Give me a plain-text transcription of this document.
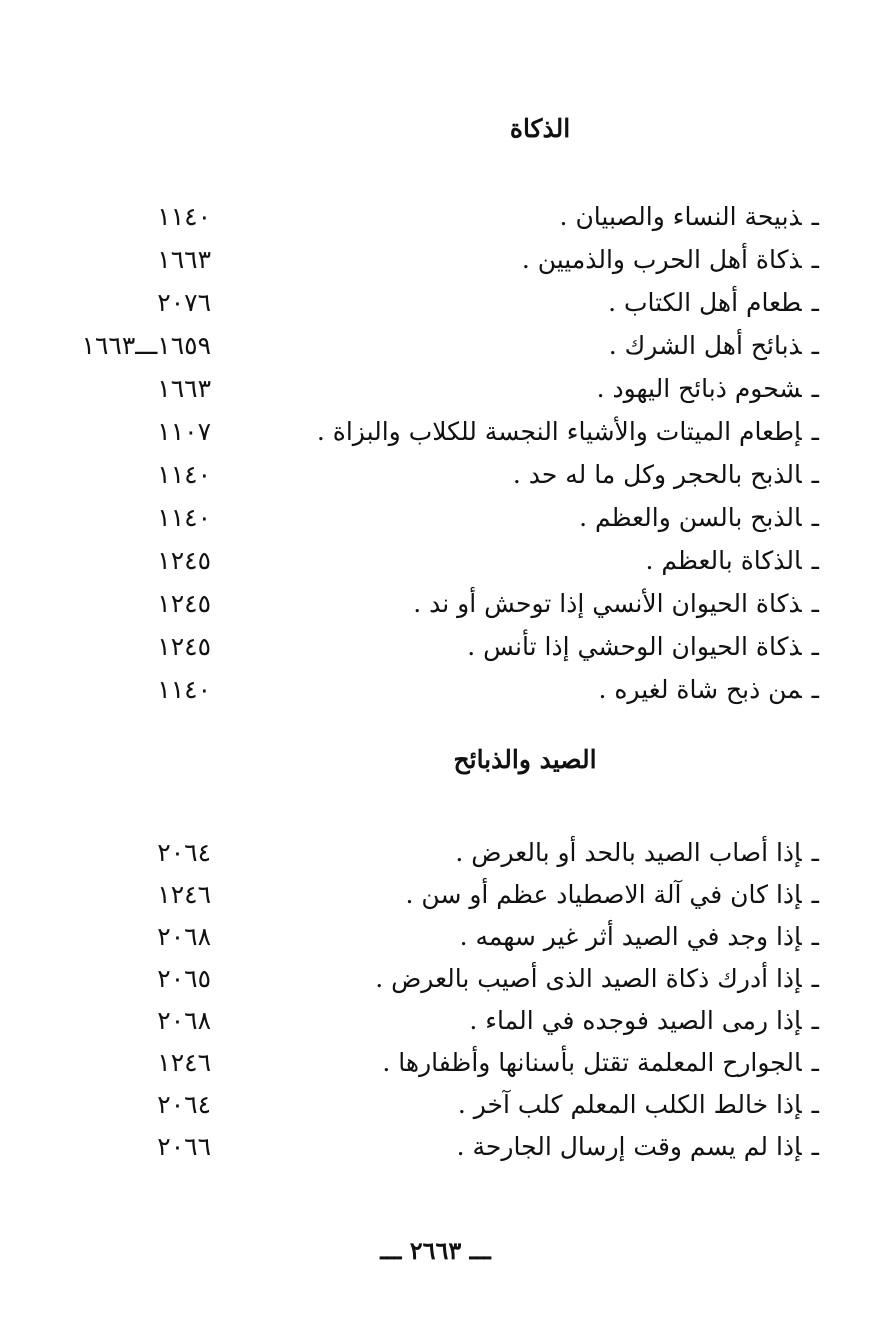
الذكاة
ـذبيحة النساء والصبيان .
١١٤٠
ـذكاة أهل الحرب والذميين .
١٦٦٣
ـطعام أهل الكتاب .
٢٠٧٦
ـذبائح أهل الشرك .
١٦٥٩ـــ١٦٦٣
ـشحوم ذبائح اليهود .
١٦٦٣
ـإطعام الميتات والأشياء النجسة للكلاب والبزاة .
١١٠٧
ـالذبح بالحجر وكل ما له حد .
١١٤٠
ـالذبح بالسن والعظم .
١١٤٠
ـالذكاة بالعظم .
١٢٤٥
ـذكاة الحيوان الأنسي إذا توحش أو ند .
١٢٤٥
ـذكاة الحيوان الوحشي إذا تأنس .
١٢٤٥
ـمن ذبح شاة لغيره .
١١٤٠
الصيد والذبائح
ـإذا أصاب الصيد بالحد أو بالعرض .
٢٠٦٤
ـإذا كان في آلة الاصطياد عظم أو سن .
١٢٤٦
ـإذا وجد في الصيد أثر غير سهمه .
٢٠٦٨
ـإذا أدرك ذكاة الصيد الذى أصيب بالعرض .
٢٠٦٥
ـإذا رمى الصيد فوجده في الماء .
٢٠٦٨
ـالجوارح المعلمة تقتل بأسنانها وأظفارها .
١٢٤٦
ـإذا خالط الكلب المعلم كلب آخر .
٢٠٦٤
ـإذا لم يسم وقت إرسال الجارحة .
٢٠٦٦
ـــ ٢٦٦٣ ـــ
